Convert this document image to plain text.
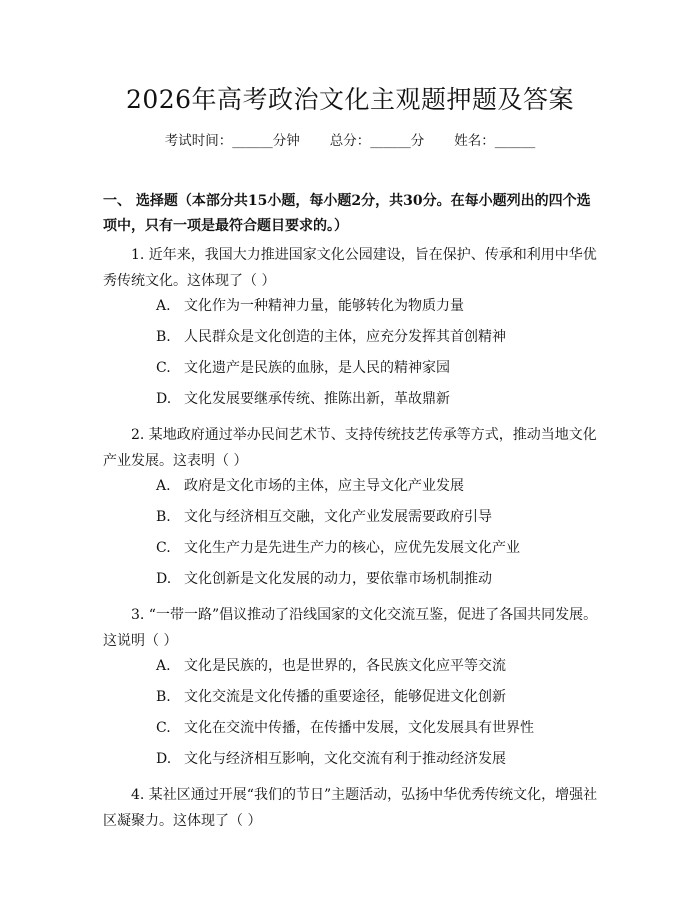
2026年高考政治文化主观题押题及答案
考试时间：______分钟 总分：______分 姓名：______
一、 选择题（本部分共15小题，每小题2分，共30分。在每小题列出的四个选项中，只有一项是最符合题目要求的。）
1. 近年来，我国大力推进国家文化公园建设，旨在保护、传承和利用中华优秀传统文化。这体现了（ ）
A. 文化作为一种精神力量，能够转化为物质力量
B. 人民群众是文化创造的主体，应充分发挥其首创精神
C. 文化遗产是民族的血脉，是人民的精神家园
D. 文化发展要继承传统、推陈出新，革故鼎新
2. 某地政府通过举办民间艺术节、支持传统技艺传承等方式，推动当地文化产业发展。这表明（ ）
A. 政府是文化市场的主体，应主导文化产业发展
B. 文化与经济相互交融，文化产业发展需要政府引导
C. 文化生产力是先进生产力的核心，应优先发展文化产业
D. 文化创新是文化发展的动力，要依靠市场机制推动
3. “一带一路”倡议推动了沿线国家的文化交流互鉴，促进了各国共同发展。这说明（ ）
A. 文化是民族的，也是世界的，各民族文化应平等交流
B. 文化交流是文化传播的重要途径，能够促进文化创新
C. 文化在交流中传播，在传播中发展，文化发展具有世界性
D. 文化与经济相互影响，文化交流有利于推动经济发展
4. 某社区通过开展“我们的节日”主题活动，弘扬中华优秀传统文化，增强社区凝聚力。这体现了（ ）
